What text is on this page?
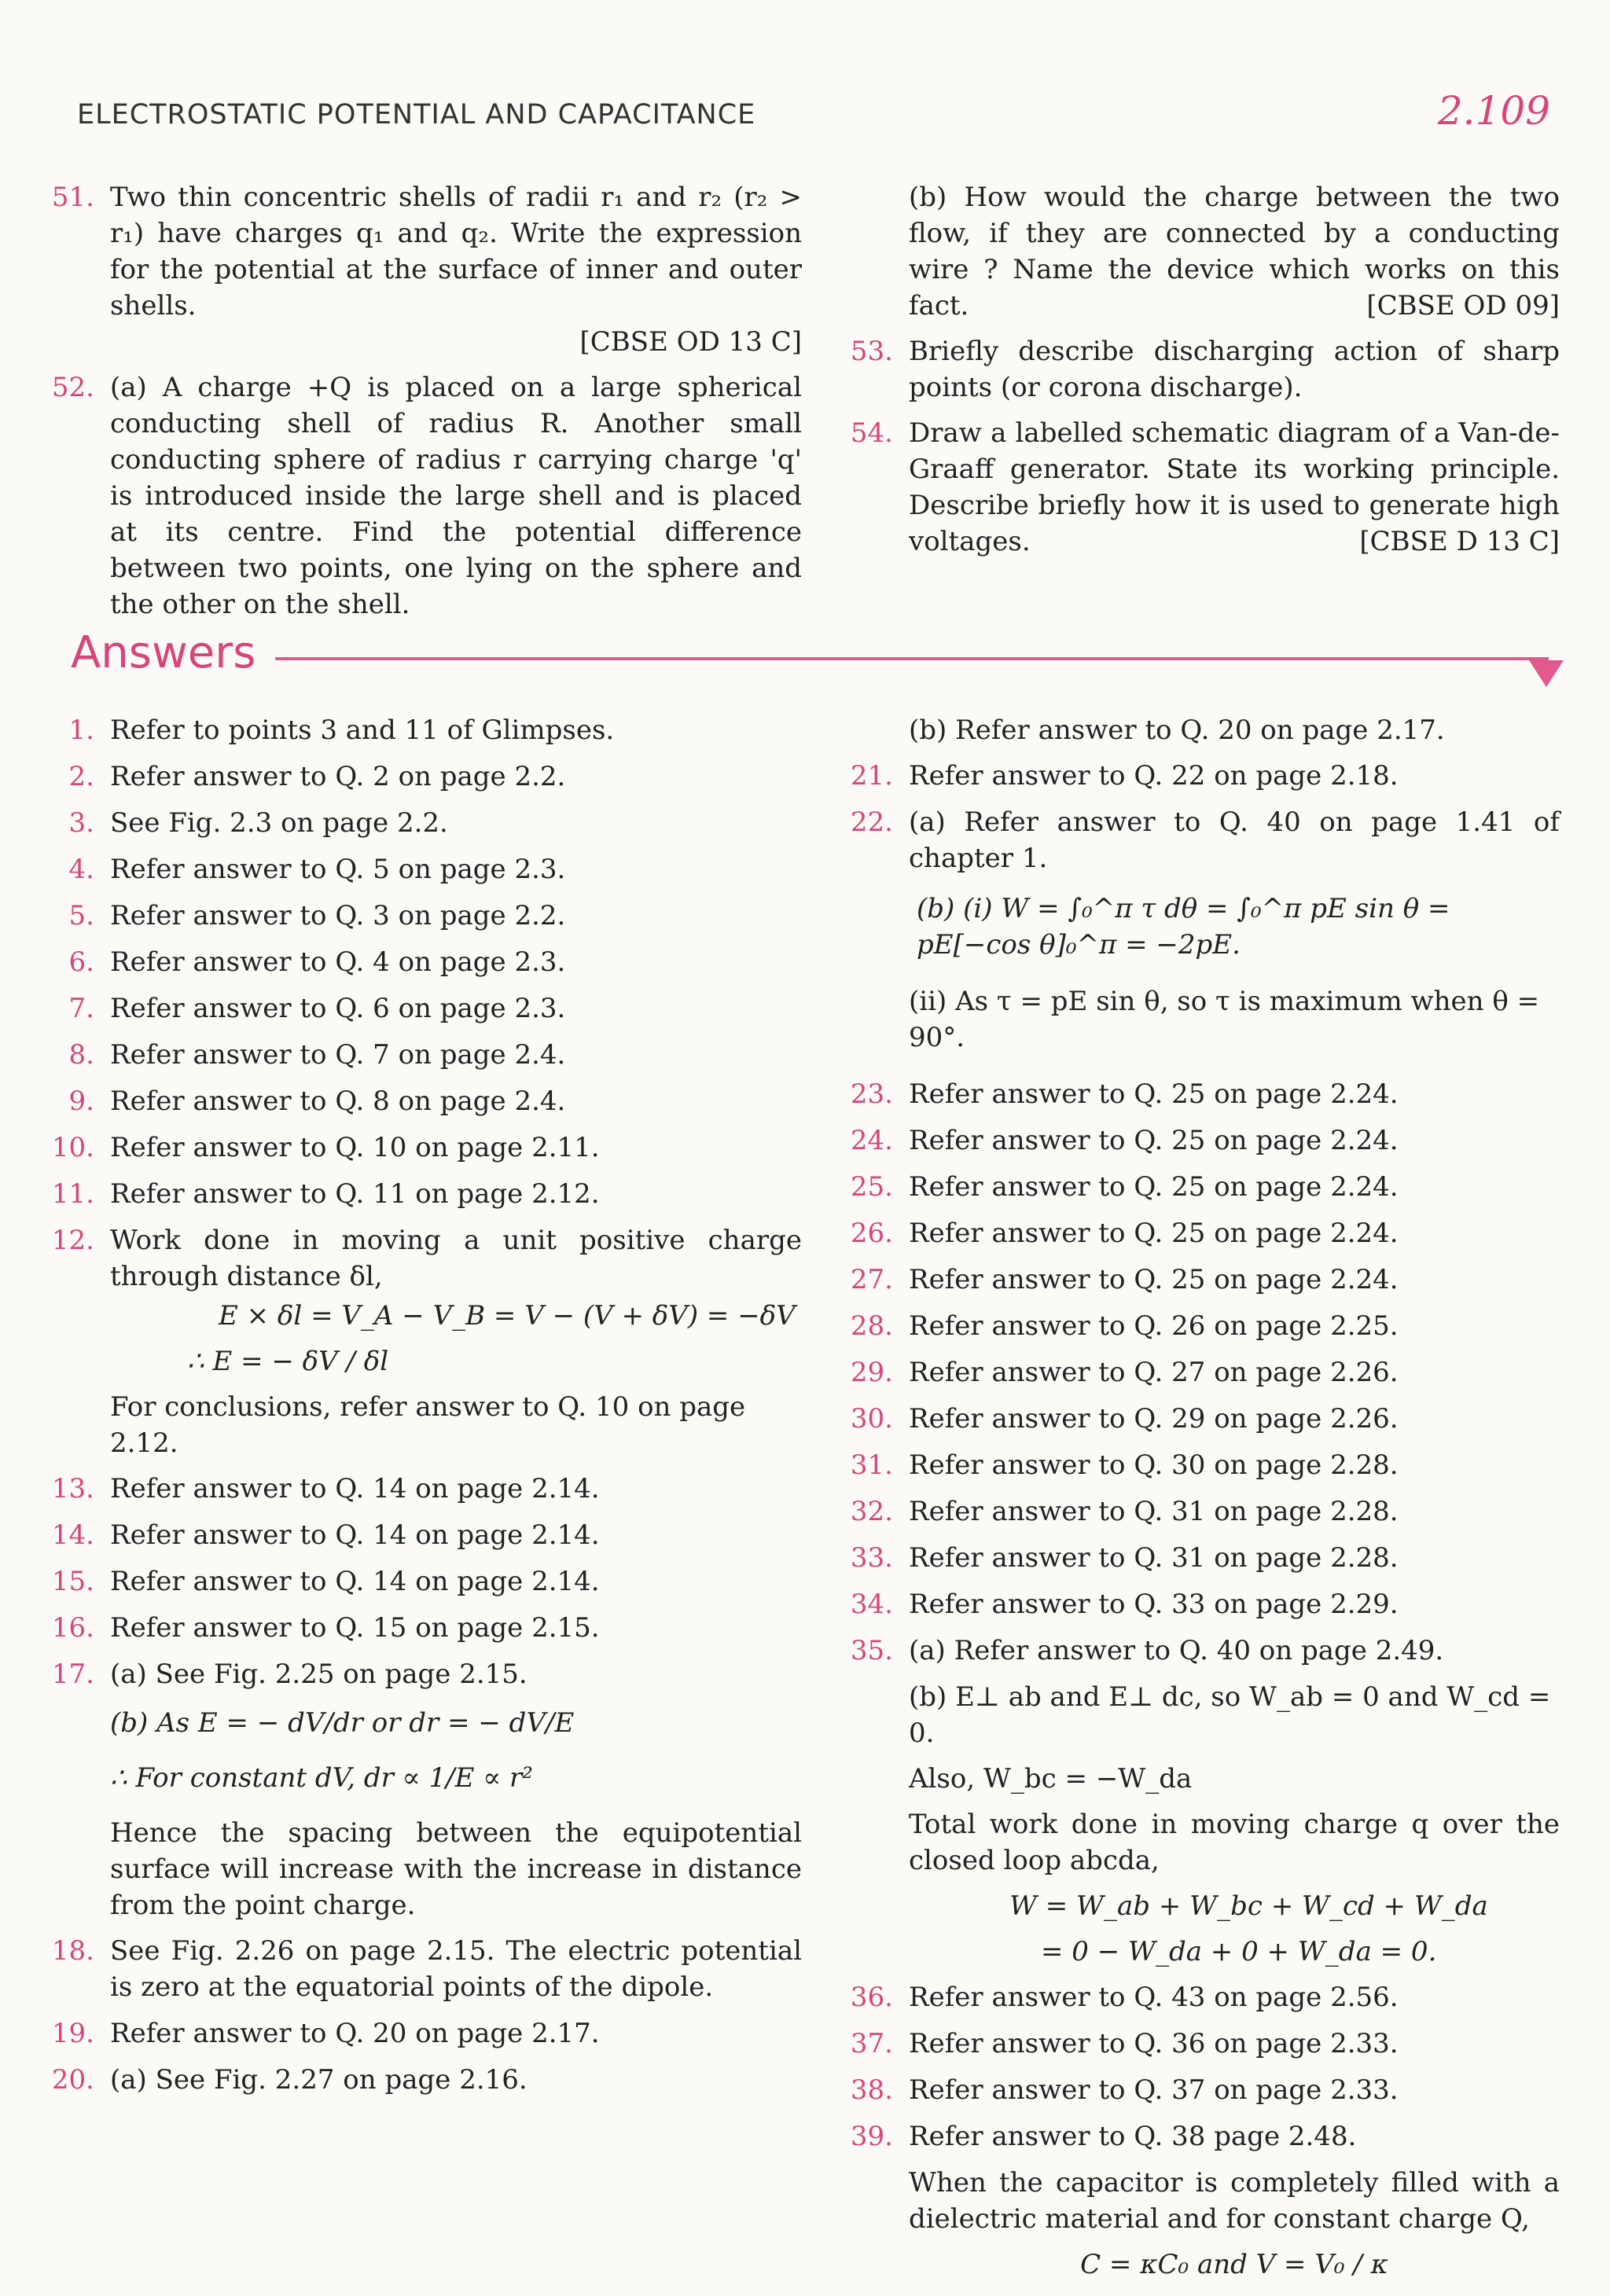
ELECTROSTATIC POTENTIAL AND CAPACITANCE	2.109
51. Two thin concentric shells of radii r₁ and r₂ (r₂ > r₁) have charges q₁ and q₂. Write the expression for the potential at the surface of inner and outer shells.
[CBSE OD 13 C]
52. (a) A charge +Q is placed on a large spherical conducting shell of radius R. Another small conducting sphere of radius r carrying charge 'q' is introduced inside the large shell and is placed at its centre. Find the potential difference between two points, one lying on the sphere and the other on the shell.
(b) How would the charge between the two flow, if they are connected by a conducting wire ? Name the device which works on this fact.	[CBSE OD 09]
53. Briefly describe discharging action of sharp points (or corona discharge).
54. Draw a labelled schematic diagram of a Van-de-Graaff generator. State its working principle. Describe briefly how it is used to generate high voltages.	[CBSE D 13 C]
Answers
1. Refer to points 3 and 11 of Glimpses.
2. Refer answer to Q. 2 on page 2.2.
3. See Fig. 2.3 on page 2.2.
4. Refer answer to Q. 5 on page 2.3.
5. Refer answer to Q. 3 on page 2.2.
6. Refer answer to Q. 4 on page 2.3.
7. Refer answer to Q. 6 on page 2.3.
8. Refer answer to Q. 7 on page 2.4.
9. Refer answer to Q. 8 on page 2.4.
10. Refer answer to Q. 10 on page 2.11.
11. Refer answer to Q. 11 on page 2.12.
12. Work done in moving a unit positive charge through distance δl,
E × δl = V_A − V_B = V − (V + δV) = −δV
∴ E = − δV / δl
For conclusions, refer answer to Q. 10 on page 2.12.
13. Refer answer to Q. 14 on page 2.14.
14. Refer answer to Q. 14 on page 2.14.
15. Refer answer to Q. 14 on page 2.14.
16. Refer answer to Q. 15 on page 2.15.
17. (a) See Fig. 2.25 on page 2.15.
(b) As E = − dV/dr or dr = − dV/E
∴ For constant dV, dr ∝ 1/E ∝ r²
Hence the spacing between the equipotential surface will increase with the increase in distance from the point charge.
18. See Fig. 2.26 on page 2.15. The electric potential is zero at the equatorial points of the dipole.
19. Refer answer to Q. 20 on page 2.17.
20. (a) See Fig. 2.27 on page 2.16.
(b) Refer answer to Q. 20 on page 2.17.
21. Refer answer to Q. 22 on page 2.18.
22. (a) Refer answer to Q. 40 on page 1.41 of chapter 1.
(b) (i) W = ∫₀^π τ dθ = ∫₀^π pE sin θ = pE[−cos θ]₀^π = −2pE.
(ii) As τ = pE sin θ, so τ is maximum when θ = 90°.
23. Refer answer to Q. 25 on page 2.24.
24. Refer answer to Q. 25 on page 2.24.
25. Refer answer to Q. 25 on page 2.24.
26. Refer answer to Q. 25 on page 2.24.
27. Refer answer to Q. 25 on page 2.24.
28. Refer answer to Q. 26 on page 2.25.
29. Refer answer to Q. 27 on page 2.26.
30. Refer answer to Q. 29 on page 2.26.
31. Refer answer to Q. 30 on page 2.28.
32. Refer answer to Q. 31 on page 2.28.
33. Refer answer to Q. 31 on page 2.28.
34. Refer answer to Q. 33 on page 2.29.
35. (a) Refer answer to Q. 40 on page 2.49.
(b) E⊥ ab and E⊥ dc, so W_ab = 0 and W_cd = 0.
Also, W_bc = −W_da
Total work done in moving charge q over the closed loop abcda,
W = W_ab + W_bc + W_cd + W_da
= 0 − W_da + 0 + W_da = 0.
36. Refer answer to Q. 43 on page 2.56.
37. Refer answer to Q. 36 on page 2.33.
38. Refer answer to Q. 37 on page 2.33.
39. Refer answer to Q. 38 page 2.48.
When the capacitor is completely filled with a dielectric material and for constant charge Q,
C = κC₀ and V = V₀ / κ
